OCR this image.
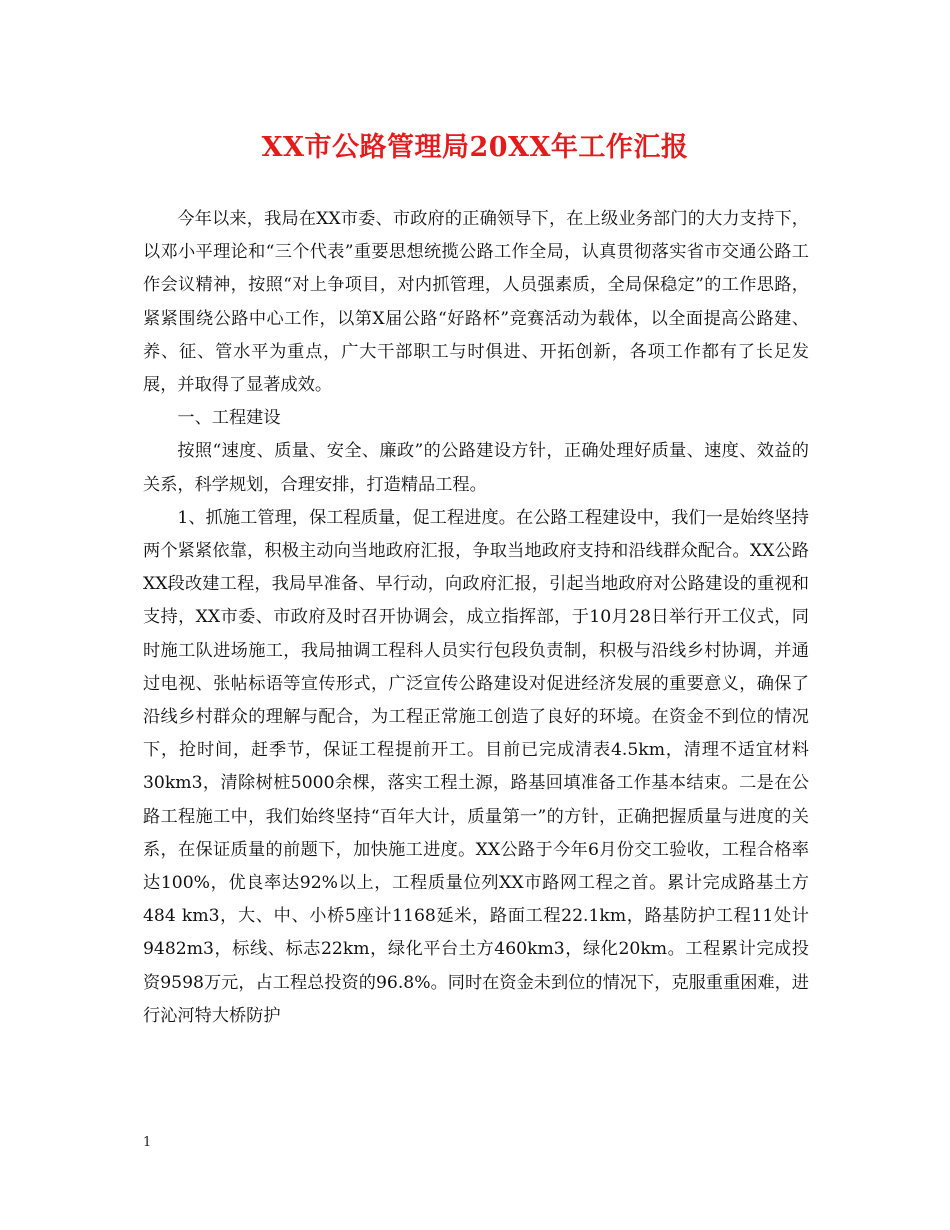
XX市公路管理局20XX年工作汇报

今年以来，我局在XX市委、市政府的正确领导下，在上级业务部门的大力支持下，以邓小平理论和“三个代表”重要思想统揽公路工作全局，认真贯彻落实省市交通公路工作会议精神，按照“对上争项目，对内抓管理，人员强素质，全局保稳定”的工作思路，紧紧围绕公路中心工作，以第X届公路“好路杯”竞赛活动为载体，以全面提高公路建、养、征、管水平为重点，广大干部职工与时俱进、开拓创新，各项工作都有了长足发展，并取得了显著成效。

一、工程建设

按照“速度、质量、安全、廉政”的公路建设方针，正确处理好质量、速度、效益的关系，科学规划，合理安排，打造精品工程。

1、抓施工管理，保工程质量，促工程进度。在公路工程建设中，我们一是始终坚持两个紧紧依靠，积极主动向当地政府汇报，争取当地政府支持和沿线群众配合。XX公路XX段改建工程，我局早准备、早行动，向政府汇报，引起当地政府对公路建设的重视和支持，XX市委、市政府及时召开协调会，成立指挥部，于10月28日举行开工仪式，同时施工队进场施工，我局抽调工程科人员实行包段负责制，积极与沿线乡村协调，并通过电视、张帖标语等宣传形式，广泛宣传公路建设对促进经济发展的重要意义，确保了沿线乡村群众的理解与配合，为工程正常施工创造了良好的环境。在资金不到位的情况下，抢时间，赶季节，保证工程提前开工。目前已完成清表4.5km，清理不适宜材料30km3，清除树桩5000余棵，落实工程土源，路基回填准备工作基本结束。二是在公路工程施工中，我们始终坚持“百年大计，质量第一”的方针，正确把握质量与进度的关系，在保证质量的前题下，加快施工进度。XX公路于今年6月份交工验收，工程合格率达100%，优良率达92%以上，工程质量位列XX市路网工程之首。累计完成路基土方484 km3，大、中、小桥5座计1168延米，路面工程22.1km，路基防护工程11处计9482m3，标线、标志22km，绿化平台土方460km3，绿化20km。工程累计完成投资9598万元，占工程总投资的96.8%。同时在资金未到位的情况下，克服重重困难，进行沁河特大桥防护

1
